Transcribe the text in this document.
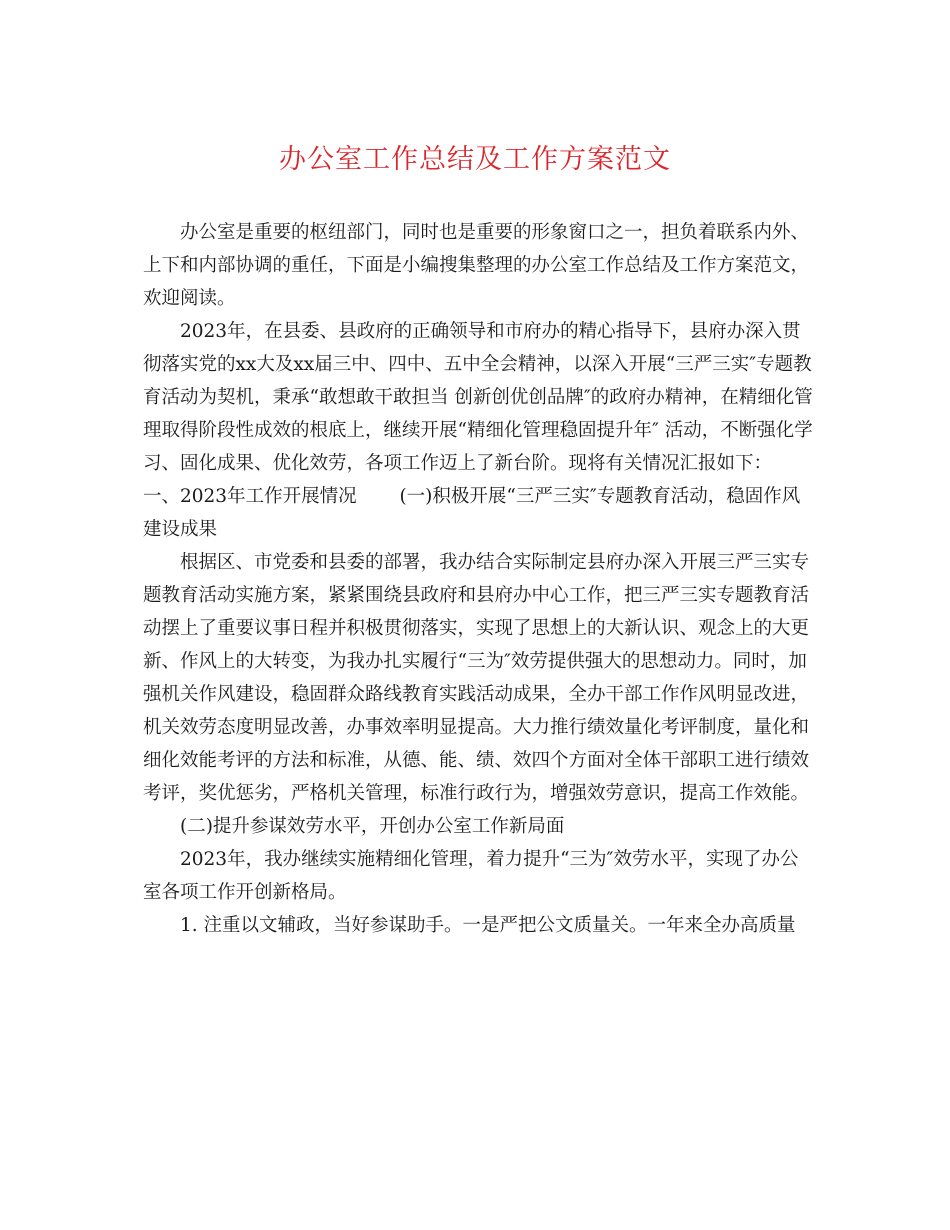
办公室工作总结及工作方案范文

办公室是重要的枢纽部门，同时也是重要的形象窗口之一，担负着联系内外、上下和内部协调的重任，下面是小编搜集整理的办公室工作总结及工作方案范文，欢迎阅读。

2023年，在县委、县政府的正确领导和市府办的精心指导下，县府办深入贯彻落实党的xx大及xx届三中、四中、五中全会精神，以深入开展“三严三实″专题教育活动为契机，秉承“敢想敢干敢担当 创新创优创品牌″的政府办精神，在精细化管理取得阶段性成效的根底上，继续开展“精细化管理稳固提升年″ 活动，不断强化学习、固化成果、优化效劳，各项工作迈上了新台阶。现将有关情况汇报如下：

一、2023年工作开展情况　　 (一)积极开展“三严三实″专题教育活动，稳固作风建设成果

根据区、市党委和县委的部署，我办结合实际制定县府办深入开展三严三实专题教育活动实施方案，紧紧围绕县政府和县府办中心工作，把三严三实专题教育活动摆上了重要议事日程并积极贯彻落实，实现了思想上的大新认识、观念上的大更新、作风上的大转变，为我办扎实履行“三为″效劳提供强大的思想动力。同时，加强机关作风建设，稳固群众路线教育实践活动成果，全办干部工作作风明显改进，机关效劳态度明显改善，办事效率明显提高。大力推行绩效量化考评制度，量化和细化效能考评的方法和标准，从德、能、绩、效四个方面对全体干部职工进行绩效考评，奖优惩劣，严格机关管理，标准行政行为，增强效劳意识，提高工作效能。

(二)提升参谋效劳水平，开创办公室工作新局面

2023年，我办继续实施精细化管理，着力提升“三为″效劳水平，实现了办公室各项工作开创新格局。

1. 注重以文辅政，当好参谋助手。一是严把公文质量关。一年来全办高质量
